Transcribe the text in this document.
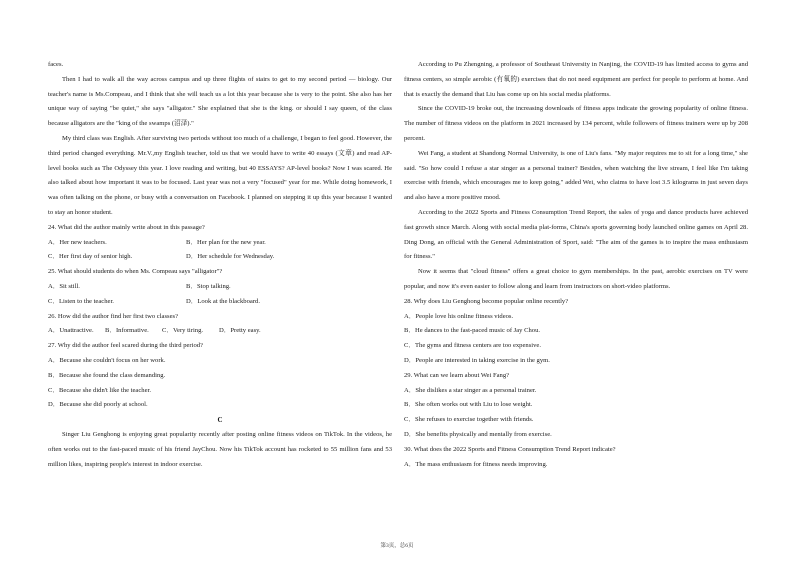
faces.

Then I had to walk all the way across campus and up three flights of stairs to get to my second period — biology. Our teacher's name is Ms.Compeau, and I think that she will teach us a lot this year because she is very to the point. She also has her unique way of saying "be quiet," she says "alligator." She explained that she is the king. or should I say queen, of the class because alligators are the "king of the swamps (沼泽)."

My third class was English. After surviving two periods without too much of a challenge, I began to feel good. However, the third period changed everything. Mr.V.,my English teacher, told us that we would have to write 40 essays (文章) and read AP-level books such as The Odyssey this year. I love reading and writing, but 40 ESSAYS? AP-level books? Now I was scared. He also talked about how important it was to be focused. Last year was not a very "focused" year for me. While doing homework, I was often talking on the phone, or busy with a conversation on Facebook. I planned on stepping it up this year because I wanted to stay an honor student.

24. What did the author mainly write about in this passage?

A．Her new teachers.	B．Her plan for the new year.
C．Her first day of senior high.	D．Her schedule for Wednesday.

25. What should students do when Ms. Compeau says "alligator"?

A．Sit still.	B．Stop talking.
C．Listen to the teacher.	D．Look at the blackboard.

26. How did the author find her first two classes?

A．Unattractive.	B．Informative.	C．Very tiring.	D．Pretty easy.

27. Why did the author feel scared during the third period?

A．Because she couldn't focus on her work.

B．Because she found the class demanding.

C．Because she didn't like the teacher.

D．Because she did poorly at school.

C

Singer Liu Genghong is enjoying great popularity recently after posting online fitness videos on TikTok. In the videos, he often works out to the fast-paced music of his friend JayChou. Now his TikTok account has rocketed to 55 million fans and 53 million likes, inspiring people's interest in indoor exercise.

According to Pu Zhengning, a professor of Southeast University in Nanjing, the COVID-19 has limited access to gyms and fitness centers, so simple aerobic (有氧的) exercises that do not need equipment are perfect for people to perform at home. And that is exactly the demand that Liu has come up on his social media platforms.

Since the COVID-19 broke out, the increasing downloads of fitness apps indicate the growing popularity of online fitness. The number of fitness videos on the platform in 2021 increased by 134 percent, while followers of fitness trainers were up by 208 percent.

Wei Fang, a student at Shandong Normal University, is one of Liu's fans. "My major requires me to sit for a long time," she said. "So how could I refuse a star singer as a personal trainer? Besides, when watching the live stream, I feel like I'm taking exercise with friends, which encourages me to keep going," added Wei, who claims to have lost 3.5 kilograms in just seven days and also have a more positive mood.

According to the 2022 Sports and Fitness Consumption Trend Report, the sales of yoga and dance products have achieved fast growth since March. Along with social media plat-forms, China's sports governing body launched online games on April 28. Ding Dong, an official with the General Administration of Sport, said: "The aim of the games is to inspire the mass enthusiasm for fitness."

Now it seems that "cloud fitness" offers a great choice to gym memberships. In the past, aerobic exercises on TV were popular, and now it's even easier to follow along and learn from instructors on short-video platforms.

28. Why does Liu Genghong become popular online recently?

A．People love his online fitness videos.

B．He dances to the fast-paced music of Jay Chou.

C．The gyms and fitness centers are too expensive.

D．People are interested in taking exercise in the gym.

29. What can we learn about Wei Fang?

A．She dislikes a star singer as a personal trainer.

B．She often works out with Liu to lose weight.

C．She refuses to exercise together with friends.

D．She benefits physically and mentally from exercise.

30. What does the 2022 Sports and Fitness Consumption Trend Report indicate?

A．The mass enthusiasm for fitness needs improving.

第3页，总6页
